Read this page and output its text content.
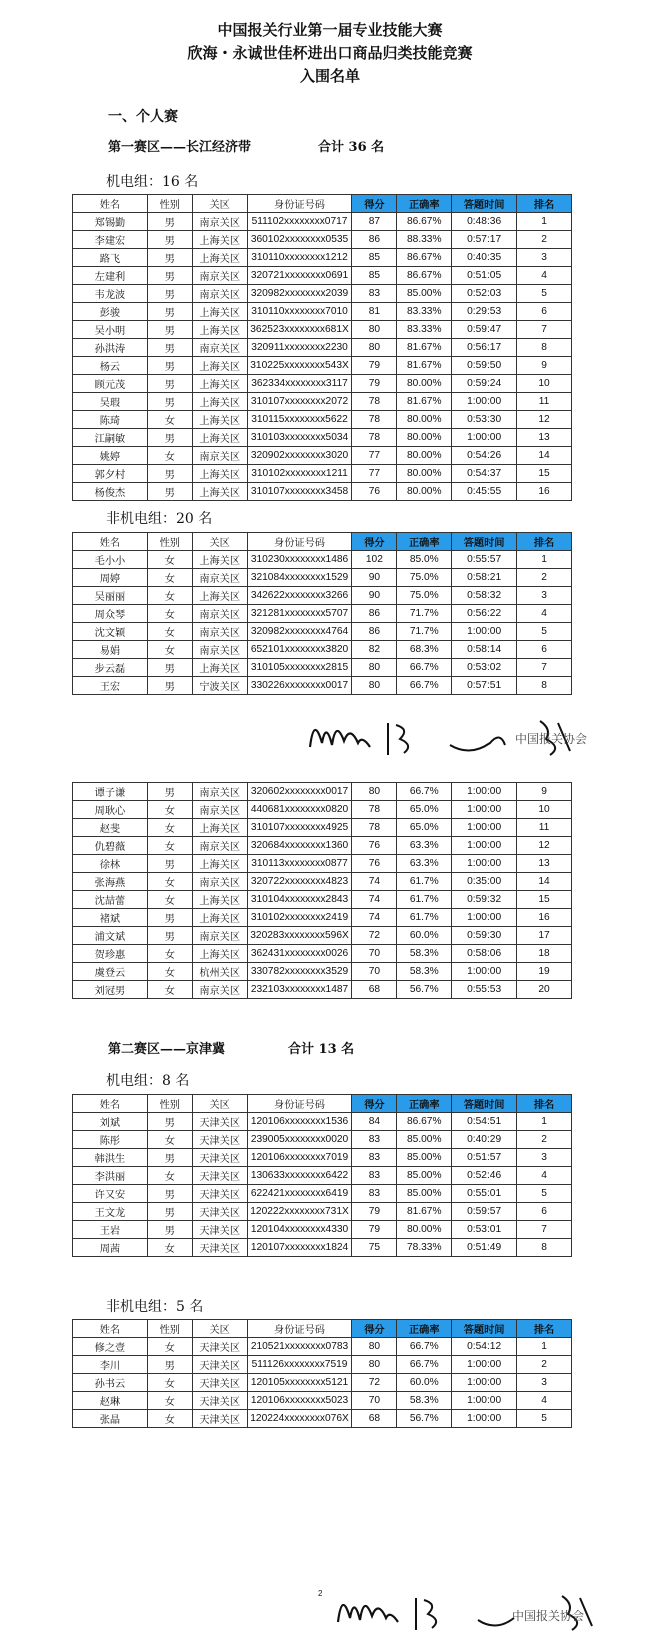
中国报关行业第一届专业技能大赛
欣海・永诚世佳杯进出口商品归类技能竞赛
入围名单
一、个人赛
第一赛区——长江经济带	合计 36 名
机电组：16 名
姓名	性别	关区	身份证号码	得分	正确率	答题时间	排名
郑锡勤	男	南京关区	511102xxxxxxxx0717	87	86.67%	0:48:36	1
李建宏	男	上海关区	360102xxxxxxxx0535	86	88.33%	0:57:17	2
路飞	男	上海关区	310110xxxxxxxx1212	85	86.67%	0:40:35	3
左建利	男	南京关区	320721xxxxxxxx0691	85	86.67%	0:51:05	4
韦龙波	男	南京关区	320982xxxxxxxx2039	83	85.00%	0:52:03	5
彭骏	男	上海关区	310110xxxxxxxx7010	81	83.33%	0:29:53	6
吴小明	男	上海关区	362523xxxxxxxx681X	80	83.33%	0:59:47	7
孙洪涛	男	南京关区	320911xxxxxxxx2230	80	81.67%	0:56:17	8
杨云	男	上海关区	310225xxxxxxxx543X	79	81.67%	0:59:50	9
顾元茂	男	上海关区	362334xxxxxxxx3117	79	80.00%	0:59:24	10
吴瑕	男	上海关区	310107xxxxxxxx2072	78	81.67%	1:00:00	11
陈琦	女	上海关区	310115xxxxxxxx5622	78	80.00%	0:53:30	12
江嗣敏	男	上海关区	310103xxxxxxxx5034	78	80.00%	1:00:00	13
姚婷	女	南京关区	320902xxxxxxxx3020	77	80.00%	0:54:26	14
郭夕村	男	上海关区	310102xxxxxxxx1211	77	80.00%	0:54:37	15
杨俊杰	男	上海关区	310107xxxxxxxx3458	76	80.00%	0:45:55	16
非机电组：20 名
姓名	性别	关区	身份证号码	得分	正确率	答题时间	排名
毛小小	女	上海关区	310230xxxxxxxx1486	102	85.0%	0:55:57	1
周婷	女	南京关区	321084xxxxxxxx1529	90	75.0%	0:58:21	2
吴丽丽	女	上海关区	342622xxxxxxxx3266	90	75.0%	0:58:32	3
周众琴	女	南京关区	321281xxxxxxxx5707	86	71.7%	0:56:22	4
沈文颖	女	南京关区	320982xxxxxxxx4764	86	71.7%	1:00:00	5
易娟	女	南京关区	652101xxxxxxxx3820	82	68.3%	0:58:14	6
步云磊	男	上海关区	310105xxxxxxxx2815	80	66.7%	0:53:02	7
王宏	男	宁波关区	330226xxxxxxxx0017	80	66.7%	0:57:51	8
中国报关协会
谭子谦	男	南京关区	320602xxxxxxxx0017	80	66.7%	1:00:00	9
周耿心	女	南京关区	440681xxxxxxxx0820	78	65.0%	1:00:00	10
赵斐	女	上海关区	310107xxxxxxxx4925	78	65.0%	1:00:00	11
仇碧薇	女	南京关区	320684xxxxxxxx1360	76	63.3%	1:00:00	12
徐林	男	上海关区	310113xxxxxxxx0877	76	63.3%	1:00:00	13
张海燕	女	南京关区	320722xxxxxxxx4823	74	61.7%	0:35:00	14
沈喆蕾	女	上海关区	310104xxxxxxxx2843	74	61.7%	0:59:32	15
褚斌	男	上海关区	310102xxxxxxxx2419	74	61.7%	1:00:00	16
浦文斌	男	南京关区	320283xxxxxxxx596X	72	60.0%	0:59:30	17
贺珍惠	女	上海关区	362431xxxxxxxx0026	70	58.3%	0:58:06	18
虞登云	女	杭州关区	330782xxxxxxxx3529	70	58.3%	1:00:00	19
刘冠男	女	南京关区	232103xxxxxxxx1487	68	56.7%	0:55:53	20
第二赛区——京津冀	合计 13 名
机电组：8 名
姓名	性别	关区	身份证号码	得分	正确率	答题时间	排名
刘斌	男	天津关区	120106xxxxxxxx1536	84	86.67%	0:54:51	1
陈彤	女	天津关区	239005xxxxxxxx0020	83	85.00%	0:40:29	2
韩洪生	男	天津关区	120106xxxxxxxx7019	83	85.00%	0:51:57	3
李洪丽	女	天津关区	130633xxxxxxxx6422	83	85.00%	0:52:46	4
许又安	男	天津关区	622421xxxxxxxx6419	83	85.00%	0:55:01	5
王文龙	男	天津关区	120222xxxxxxxx731X	79	81.67%	0:59:57	6
王岩	男	天津关区	120104xxxxxxxx4330	79	80.00%	0:53:01	7
周茜	女	天津关区	120107xxxxxxxx1824	75	78.33%	0:51:49	8
非机电组：5 名
姓名	性别	关区	身份证号码	得分	正确率	答题时间	排名
修之壹	女	天津关区	210521xxxxxxxx0783	80	66.7%	0:54:12	1
李川	男	天津关区	511126xxxxxxxx7519	80	66.7%	1:00:00	2
孙书云	女	天津关区	120105xxxxxxxx5121	72	60.0%	1:00:00	3
赵琳	女	天津关区	120106xxxxxxxx5023	70	58.3%	1:00:00	4
张晶	女	天津关区	120224xxxxxxxx076X	68	56.7%	1:00:00	5
2
中国报关协会
